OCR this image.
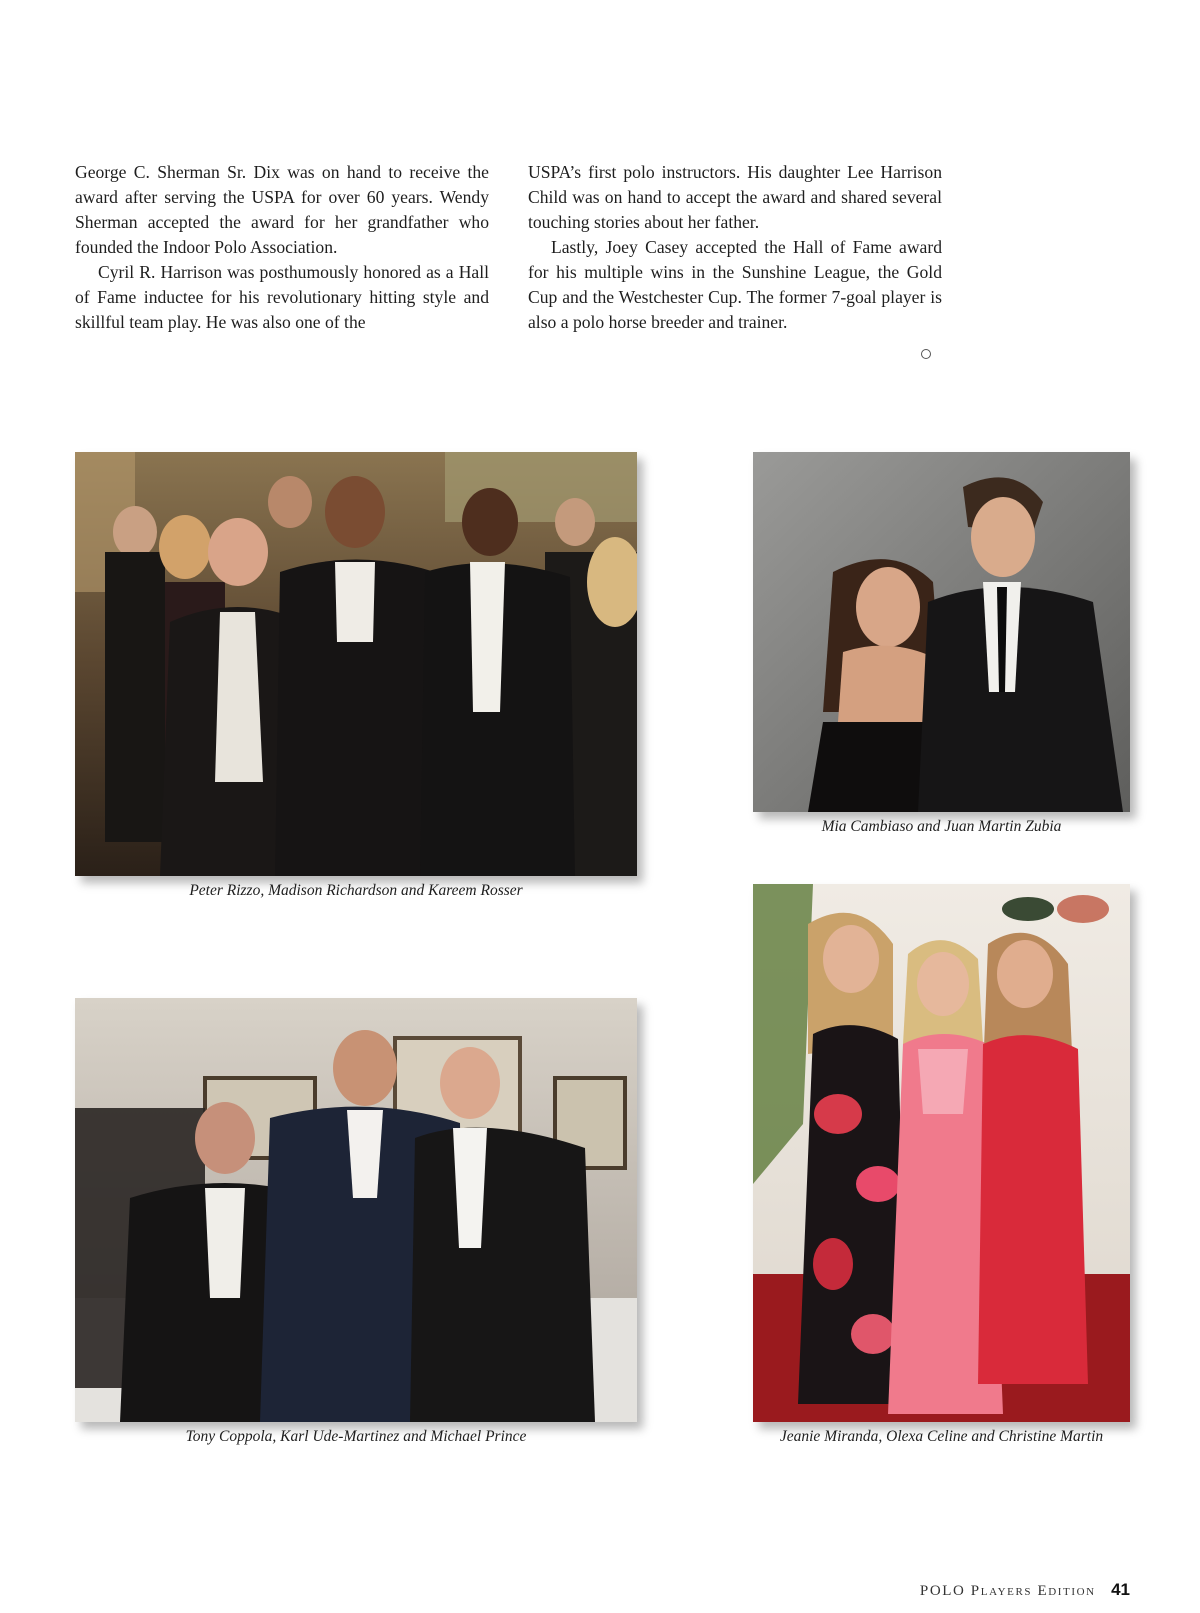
George C. Sherman Sr. Dix was on hand to receive the award after serving the USPA for over 60 years. Wendy Sherman accepted the award for her grandfather who founded the Indoor Polo Association.

Cyril R. Harrison was posthumously honored as a Hall of Fame inductee for his revolutionary hitting style and skillful team play. He was also one of the

USPA’s first polo instructors. His daughter Lee Harrison Child was on hand to accept the award and shared several touching stories about her father.

Lastly, Joey Casey accepted the Hall of Fame award for his multiple wins in the Sunshine League, the Gold Cup and the Westchester Cup. The former 7-goal player is also a polo horse breeder and trainer.

Peter Rizzo, Madison Richardson and Kareem Rosser
Mia Cambiaso and Juan Martin Zubia
Tony Coppola, Karl Ude-Martinez and Michael Prince	Jeanie Miranda, Olexa Celine and Christine Martin
POLO Players Edition 41
